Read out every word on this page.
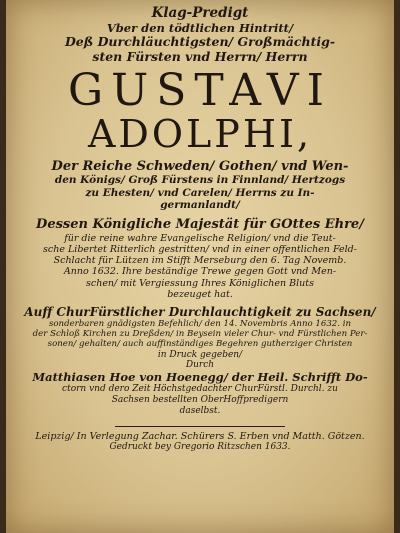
Klag-Predigt
Vber den tödtlichen Hintritt/
Deß Durchläuchtigsten/ Großmächtig-
sten Fürsten vnd Herrn/ Herrn
GUSTAVI
ADOLPHI,
Der Reiche Schweden/ Gothen/ vnd Wen-
den Königs/ Groß Fürstens in Finnland/ Hertzogs
zu Ehesten/ vnd Carelen/ Herrns zu In-
germanlandt/
Dessen Königliche Majestät für GOttes Ehre/
für die reine wahre Evangelische Religion/ vnd die Teut-
sche Libertet Ritterlich gestritten/ vnd in einer offentlichen Feld-
Schlacht für Lützen im Stifft Merseburg den 6. Tag Novemb.
Anno 1632. Ihre beständige Trewe gegen Gott vnd Men-
schen/ mit Vergiessung Ihres Königlichen Bluts
bezeuget hat.
Auff ChurFürstlicher Durchlauchtigkeit zu Sachsen/
sonderbaren gnädigsten Befehlich/ den 14. Novembris Anno 1632. in
der Schloß Kirchen zu Dreßden/ in Beysein vieler Chur- vnd Fürstlichen Per-
sonen/ gehalten/ auch auffinständiges Begehren gutherziger Christen
in Druck gegeben/
Durch
Matthiasen Hoe von Hoenegg/ der Heil. Schrifft Do-
ctorn vnd dero Zeit Höchstgedachter ChurFürstl. Durchl. zu
Sachsen bestellten OberHoffpredigern
daselbst.
Leipzig/ In Verlegung Zachar. Schürers S. Erben vnd Matth. Götzen.
Gedruckt bey Gregorio Ritzschen 1633.
